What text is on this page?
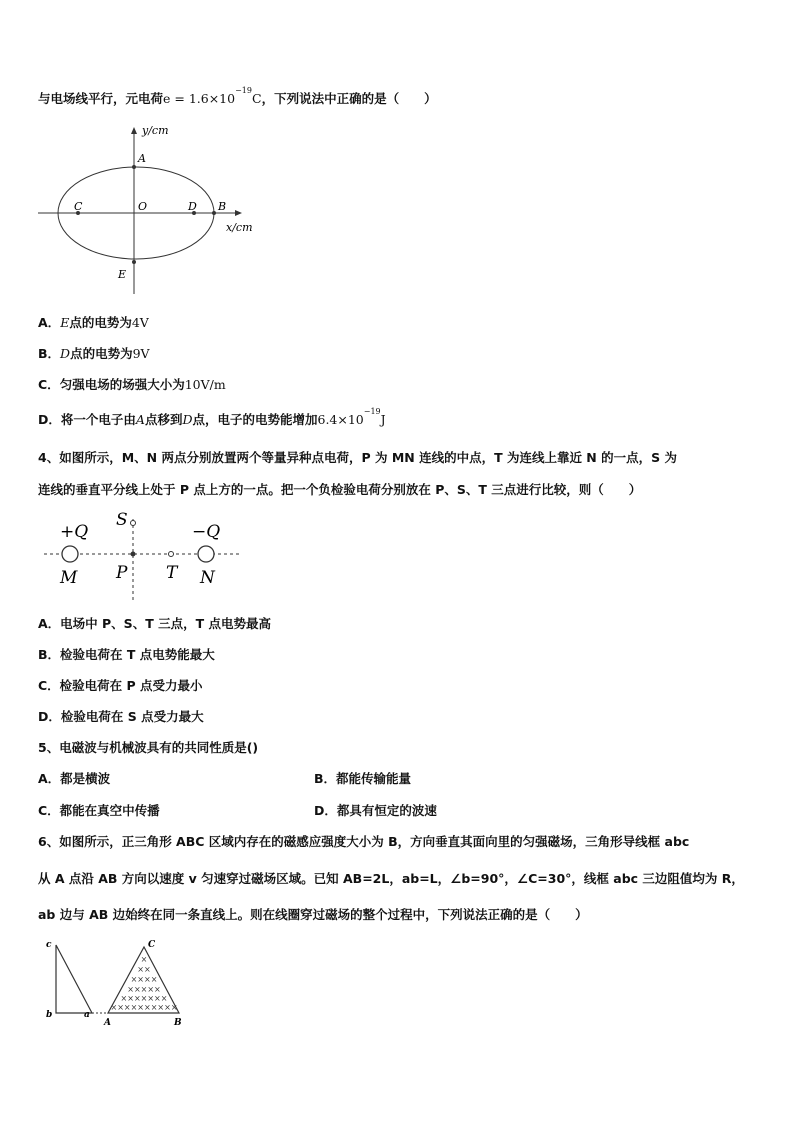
与电场线平行，元电荷$e = 1.6\times 10^{-19}C$，下列说法中正确的是（　　）
y/cm
x/cm
A
B
C	D
O
E
A．E点的电势为4V
B．D点的电势为9V
C．匀强电场的场强大小为10V/m
D．将一个电子由A点移到D点，电子的电势能增加$6.4\times 10^{-19}J$
4、如图所示，M、N 两点分别放置两个等量异种点电荷，P 为 MN 连线的中点，T 为连线上靠近 N 的一点，S 为
连线的垂直平分线上处于 P 点上方的一点。把一个负检验电荷分别放在 P、S、T 三点进行比较，则（　　）
+Q	−Q
M	N
P
S
T
A．电场中 P、S、T 三点，T 点电势最高
B．检验电荷在 T 点电势能最大
C．检验电荷在 P 点受力最小
D．检验电荷在 S 点受力最大
5、电磁波与机械波具有的共同性质是()
A．都是横波	B．都能传输能量
C．都能在真空中传播	D．都具有恒定的波速
6、如图所示，正三角形 ABC 区域内存在的磁感应强度大小为 B，方向垂直其面向里的匀强磁场，三角形导线框 abc
从 A 点沿 AB 方向以速度 v 匀速穿过磁场区域。已知 AB=2L，ab=L，∠b=90°，∠C=30°，线框 abc 三边阻值均为 R，
ab 边与 AB 边始终在同一条直线上。则在线圈穿过磁场的整个过程中，下列说法正确的是（　　）
×
××
××××
×××××
×××××××
××××××××××
c
b	a
A	B
C
